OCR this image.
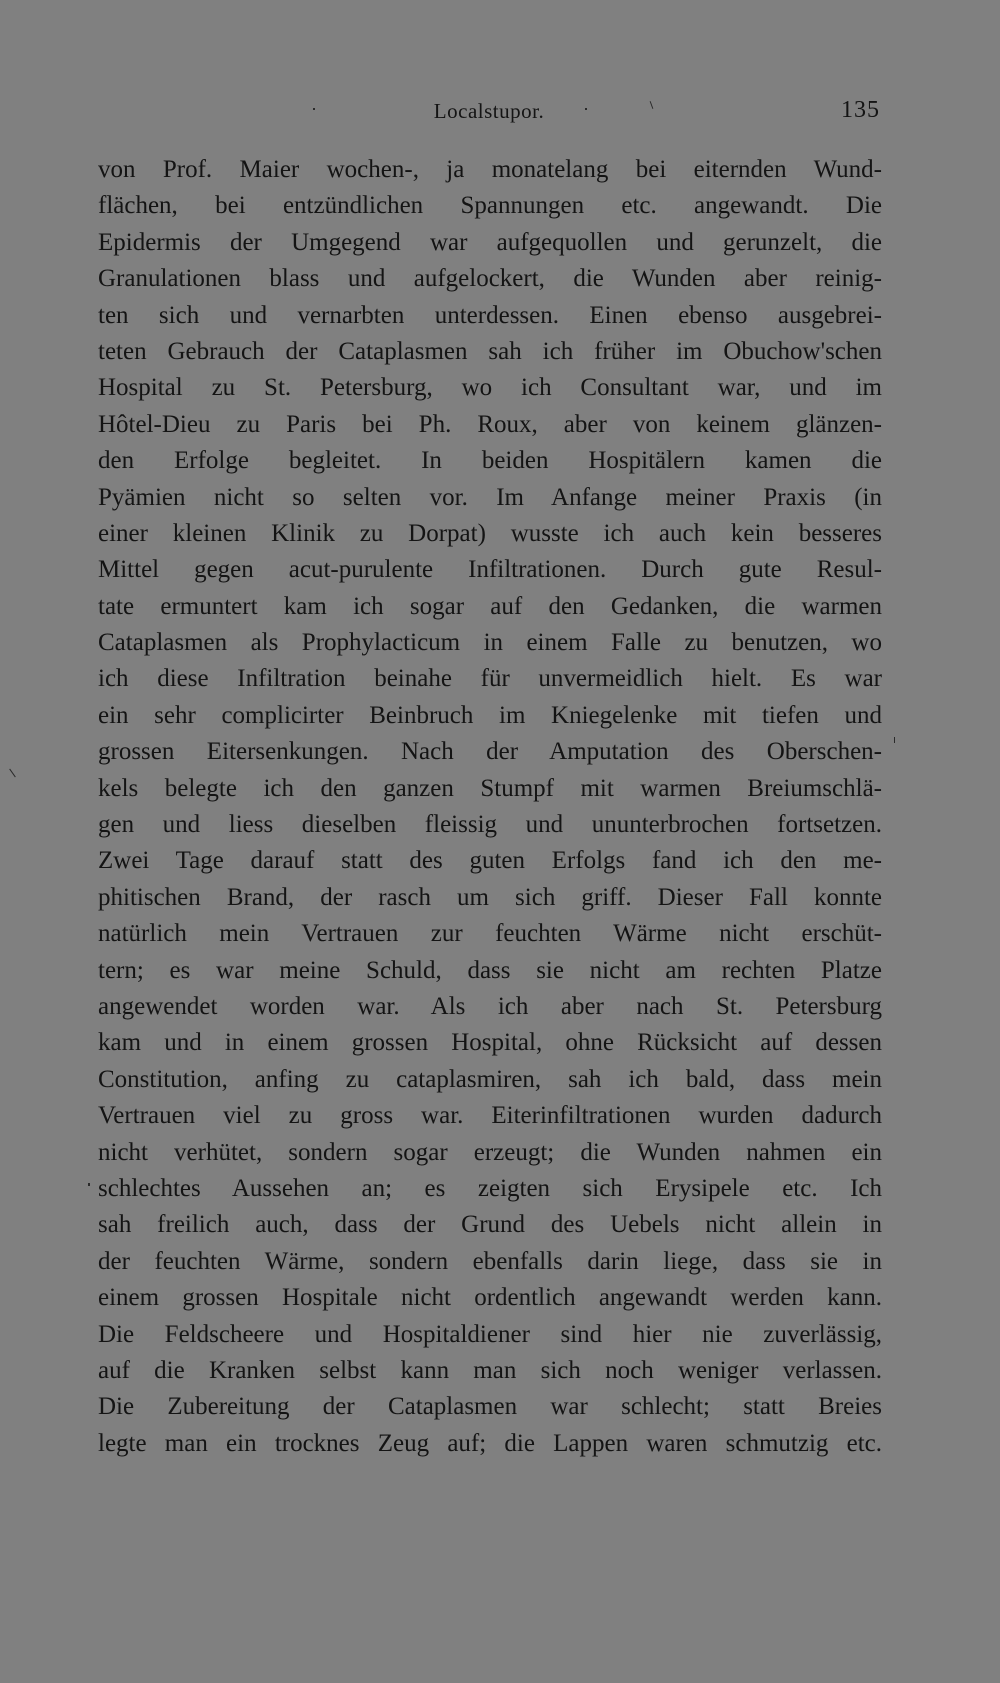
Localstupor.	135
von Prof. Maier wochen-, ja monatelang bei eiternden Wund-
flächen, bei entzündlichen Spannungen etc. angewandt. Die
Epidermis der Umgegend war aufgequollen und gerunzelt, die
Granulationen blass und aufgelockert, die Wunden aber reinig-
ten sich und vernarbten unterdessen. Einen ebenso ausgebrei-
teten Gebrauch der Cataplasmen sah ich früher im Obuchow'schen
Hospital zu St. Petersburg, wo ich Consultant war, und im
Hôtel-Dieu zu Paris bei Ph. Roux, aber von keinem glänzen-
den Erfolge begleitet. In beiden Hospitälern kamen die
Pyämien nicht so selten vor. Im Anfange meiner Praxis (in
einer kleinen Klinik zu Dorpat) wusste ich auch kein besseres
Mittel gegen acut-purulente Infiltrationen. Durch gute Resul-
tate ermuntert kam ich sogar auf den Gedanken, die warmen
Cataplasmen als Prophylacticum in einem Falle zu benutzen, wo
ich diese Infiltration beinahe für unvermeidlich hielt. Es war
ein sehr complicirter Beinbruch im Kniegelenke mit tiefen und
grossen Eitersenkungen. Nach der Amputation des Oberschen-
kels belegte ich den ganzen Stumpf mit warmen Breiumschlä-
gen und liess dieselben fleissig und ununterbrochen fortsetzen.
Zwei Tage darauf statt des guten Erfolgs fand ich den me-
phitischen Brand, der rasch um sich griff. Dieser Fall konnte
natürlich mein Vertrauen zur feuchten Wärme nicht erschüt-
tern; es war meine Schuld, dass sie nicht am rechten Platze
angewendet worden war. Als ich aber nach St. Petersburg
kam und in einem grossen Hospital, ohne Rücksicht auf dessen
Constitution, anfing zu cataplasmiren, sah ich bald, dass mein
Vertrauen viel zu gross war. Eiterinfiltrationen wurden dadurch
nicht verhütet, sondern sogar erzeugt; die Wunden nahmen ein
schlechtes Aussehen an; es zeigten sich Erysipele etc. Ich
sah freilich auch, dass der Grund des Uebels nicht allein in
der feuchten Wärme, sondern ebenfalls darin liege, dass sie in
einem grossen Hospitale nicht ordentlich angewandt werden kann.
Die Feldscheere und Hospitaldiener sind hier nie zuverlässig,
auf die Kranken selbst kann man sich noch weniger verlassen.
Die Zubereitung der Cataplasmen war schlecht; statt Breies
legte man ein trocknes Zeug auf; die Lappen waren schmutzig etc.
